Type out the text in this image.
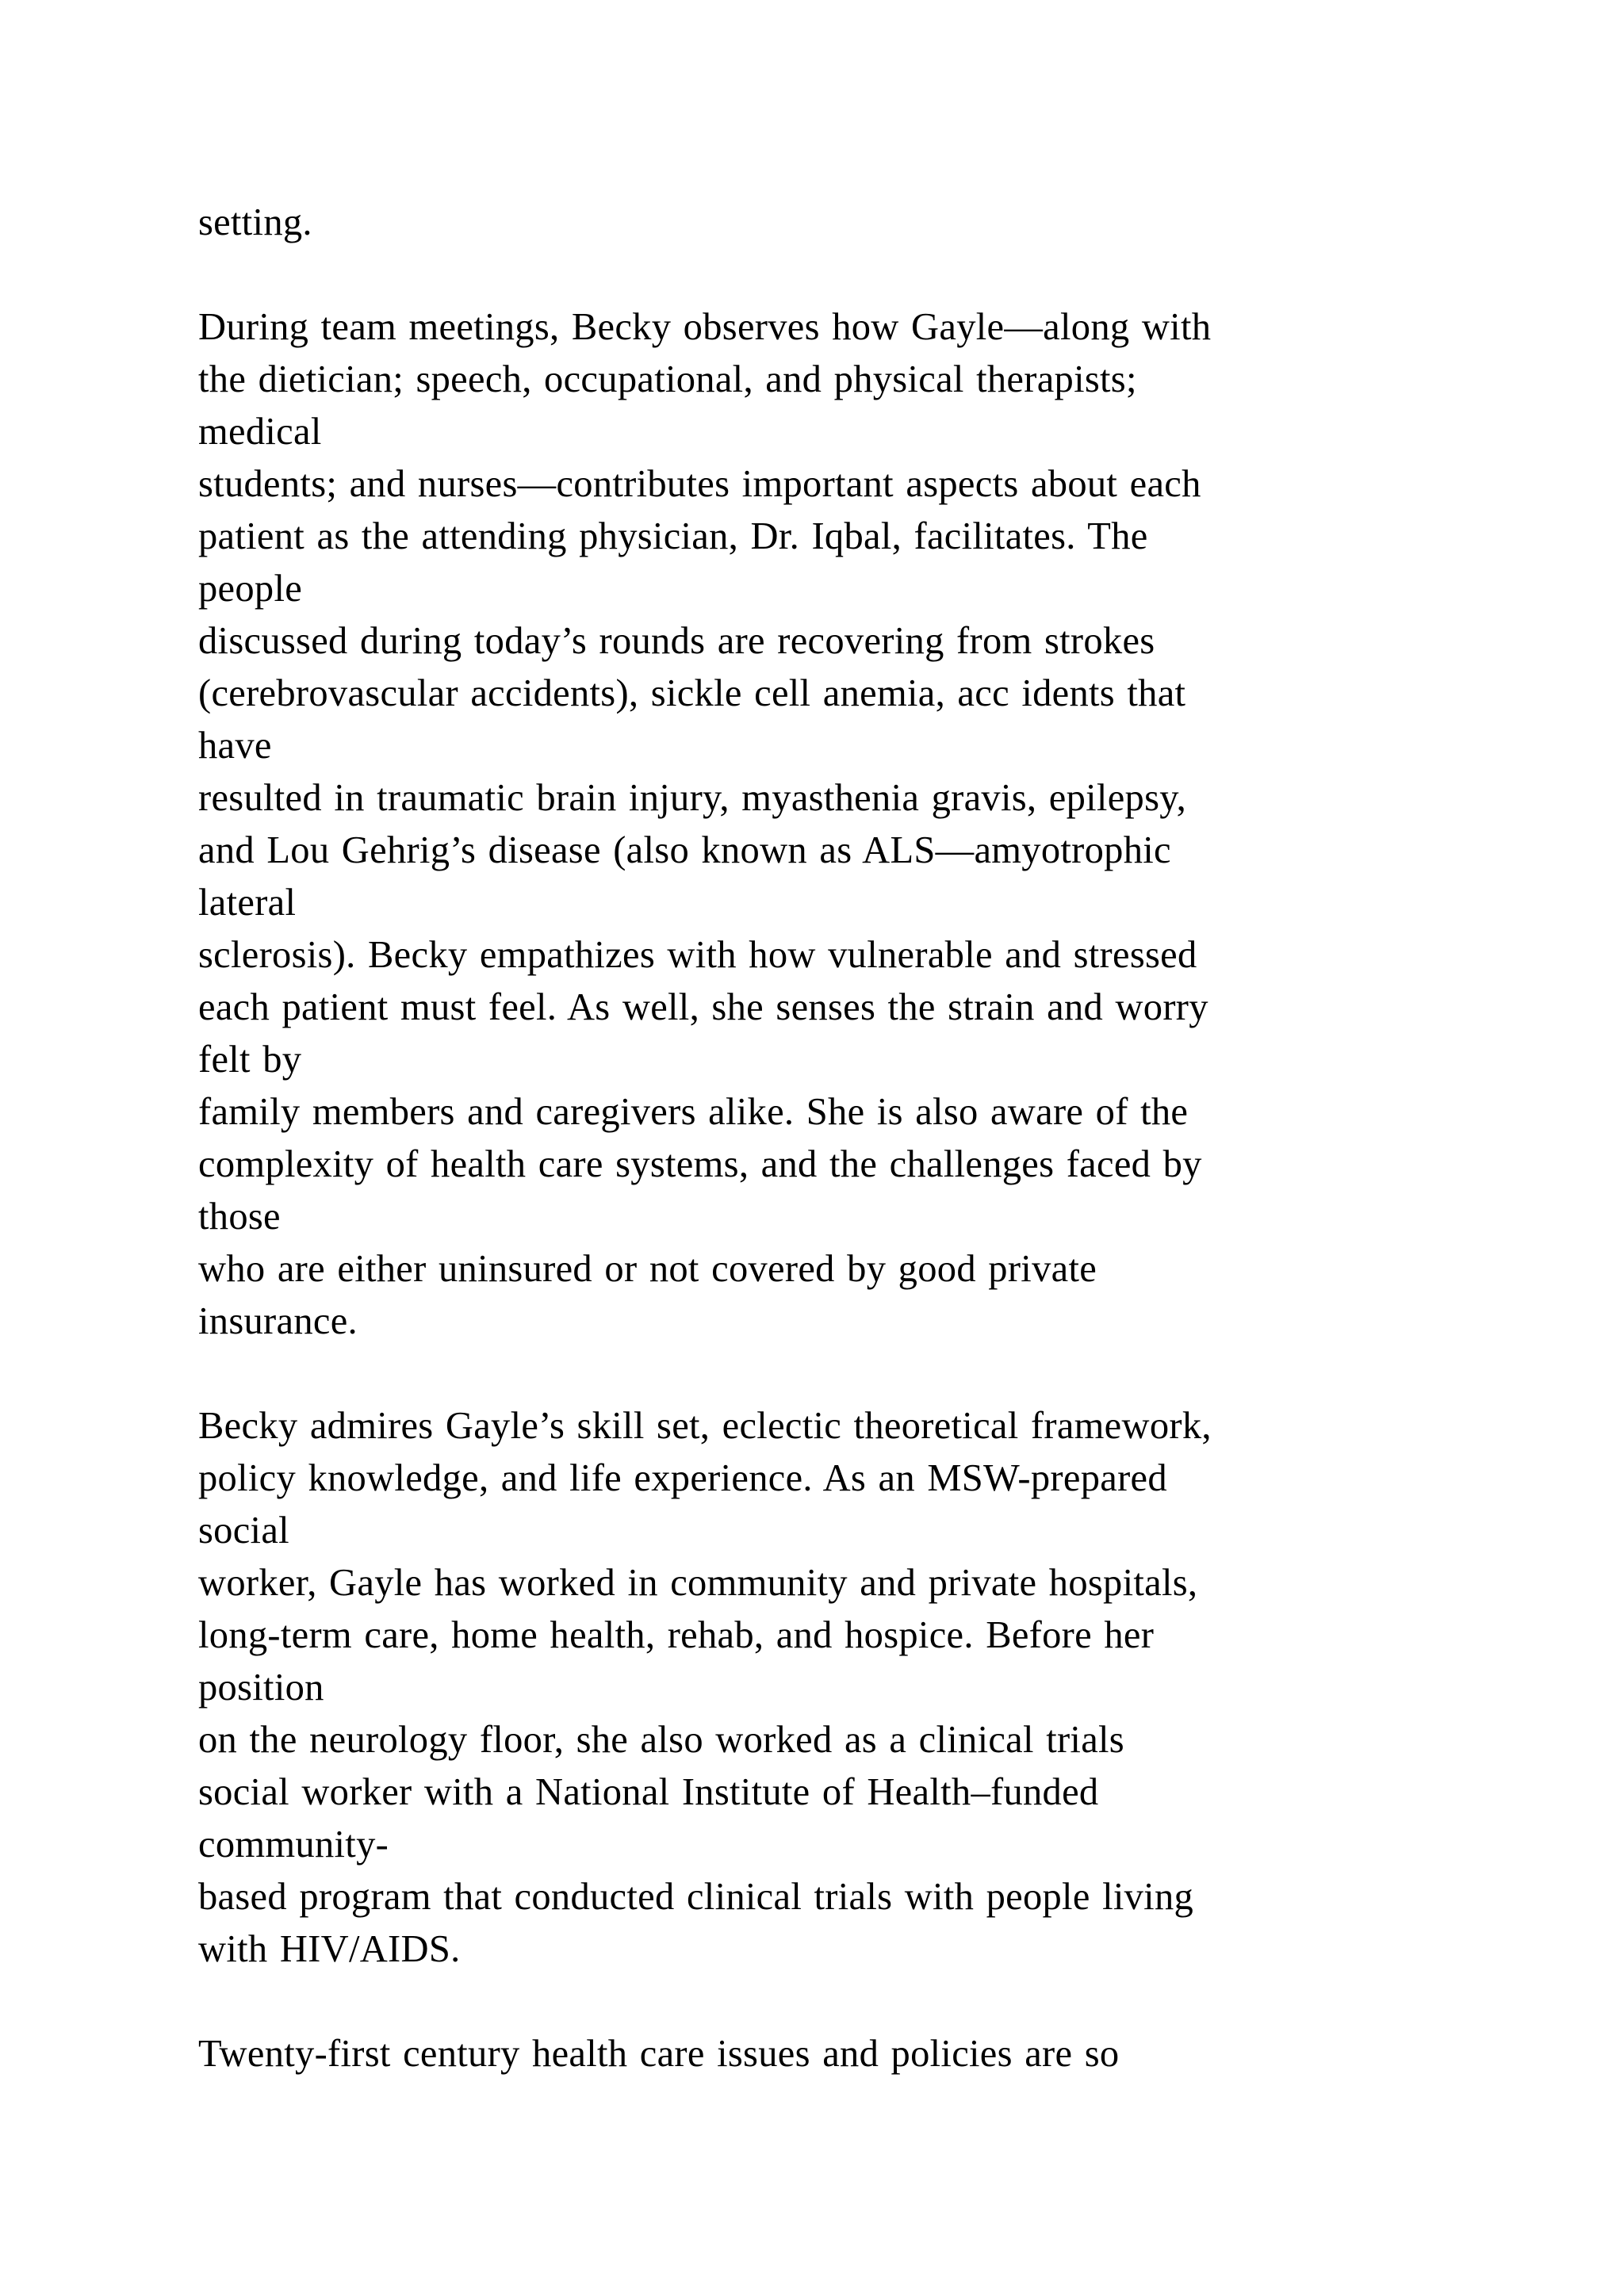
setting.
During team meetings, Becky observes how Gayle—along with
the dietician; speech, occupational, and physical therapists;
medical
students; and nurses—contributes important aspects about each
patient as the attending physician, Dr. Iqbal, facilitates. The
people
discussed during today’s rounds are recovering from strokes
(cerebrovascular accidents), sickle cell anemia, acc idents that
have
resulted in traumatic brain injury, myasthenia gravis, epilepsy,
and Lou Gehrig’s disease (also known as ALS—amyotrophic
lateral
sclerosis). Becky empathizes with how vulnerable and stressed
each patient must feel. As well, she senses the strain and worry
felt by
family members and caregivers alike. She is also aware of the
complexity of health care systems, and the challenges faced by
those
who are either uninsured or not covered by good private
insurance.
Becky admires Gayle’s skill set, eclectic theoretical framework,
policy knowledge, and life experience. As an MSW-prepared
social
worker, Gayle has worked in community and private hospitals,
long-term care, home health, rehab, and hospice. Before her
position
on the neurology floor, she also worked as a clinical trials
social worker with a National Institute of Health–funded
community-
based program that conducted clinical trials with people living
with HIV/AIDS.
Twenty-first century health care issues and policies are so
